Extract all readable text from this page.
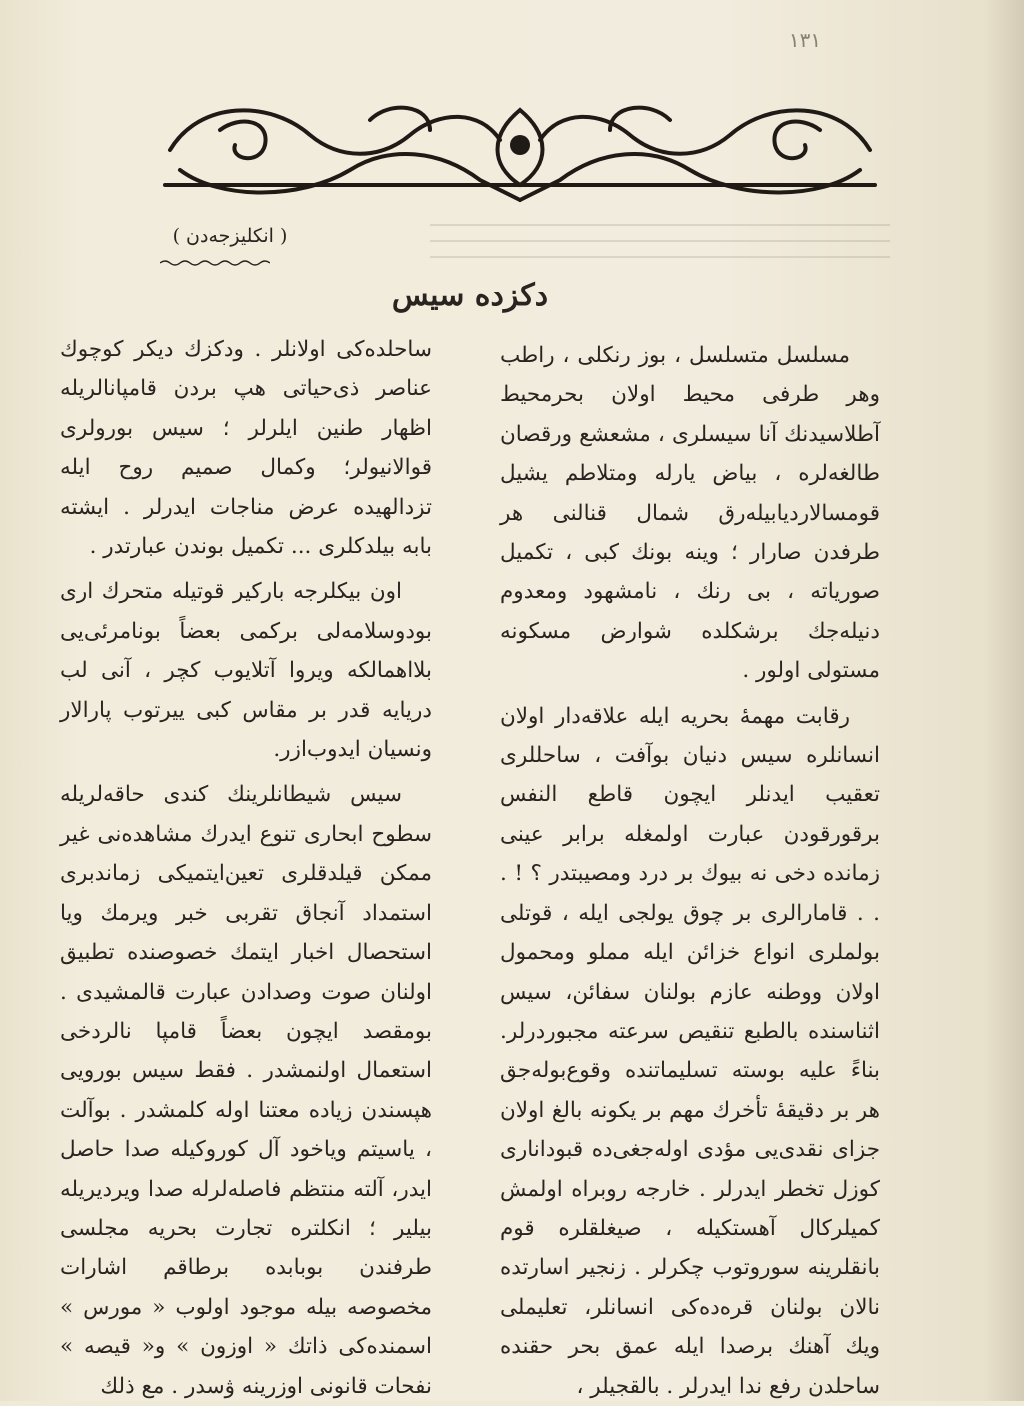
۱۳۱
( انکلیزجه‌دن )
دکزده سیس

مسلسل متسلسل ، بوز رنکلی ، راطب وهر طرفی محیط اولان بحرمحیط آطلاسیدنك آنا سیسلری ، مشعشع ورقصان طالغه‌لره ، بیاض یارله ومتلاطم یشیل قومسالاردیابیله‌رق شمال قنالنی هر طرفدن صارار ؛ وینه بونك کبی ، تکمیل صوریاته ، بی رنك ، نامشهود ومعدوم دنیله‌جك برشکلده شوارض مسکونه مستولی اولور .

رقابت مهمهٔ بحریه ایله علاقه‌دار اولان انسانلره سیس دنیان بوآفت ، ساحللری تعقیب ایدنلر ایچون قاطع النفس برقورقودن عبارت اولمغله برابر عینی زمانده دخی نه بیوك بر درد ومصیبتدر ؟ ! . . . قامارالری بر چوق یولجی ایله ، قوتلی بولملری انواع خزائن ایله مملو ومحمول اولان ووطنه عازم بولنان سفائن، سیس اثناسنده بالطبع تنقیص سرعته مجبوردرلر. بناءً علیه بوسته تسلیماتنده وقوع‌بوله‌جق هر بر دقیقهٔ تأخرك مهم بر یکونه بالغ اولان جزای نقدی‌یی مؤدی اوله‌جغی‌ده قبوداناری کوزل تخطر ایدرلر . خارجه روبراه اولمش کمیلرکال آهستکیله ، صیغلقلره قوم بانقلرینه سوروتوب چکرلر . زنجیر اسارتده نالان بولنان قره‌ده‌کی انسانلر، تعلیملی ویك آهنك برصدا ایله عمق بحر حقنده ساحلدن رفع ندا ایدرلر . بالقجیلر ،

ساحلده‌کی اولانلر . ودکزك دیکر کوچوك عناصر ذی‌حیاتی هپ بردن قامپانالریله اظهار طنین ایلرلر ؛ سیس بورولری قوالانیولر؛ وکمال صمیم روح ایله تزدالهیده عرض مناجات ایدرلر . ایشته بابه بیلدکلری ... تکمیل بوندن عبارتدر .

اون بیکلرجه بارکیر قوتیله متحرك اری بودوسلامه‌لی برکمی بعضاً بونامرئی‌یی بلااهمالکه ویروا آتلایوب کچر ، آنی لب دریایه قدر بر مقاس کبی ییرتوب پارالار ونسیان ایدوب‌ازر.

سیس شیطانلرینك کندی حاقه‌لریله سطوح ابحاری تنوع ایدرك مشاهده‌نی غیر ممکن قیلدقلری تعین‌ایتمیکی زماندبری استمداد آنجاق تقربی خبر ویرمك ویا استحصال اخبار ایتمك خصوصنده تطبیق اولنان صوت وصدادن عبارت قالمشیدی . بومقصد ایچون بعضاً قامپا نالردخی استعمال اولنمشدر . فقط سیس بورویی هپسندن زیاده معتنا اوله کلمشدر . بوآلت ، یاسیتم ویاخود آل کوروکیله صدا حاصل ایدر، آلته منتظم فاصله‌لرله صدا ویردیریله بیلیر ؛ انکلتره تجارت بحریه مجلسی طرفندن بوبابده برطاقم اشارات مخصوصه بیله موجود اولوب « مورس » اسمنده‌کی ذاتك « اوزون » و« قیصه » نفحات قانونی اوزرینه ۋسدر . مع ذلك
